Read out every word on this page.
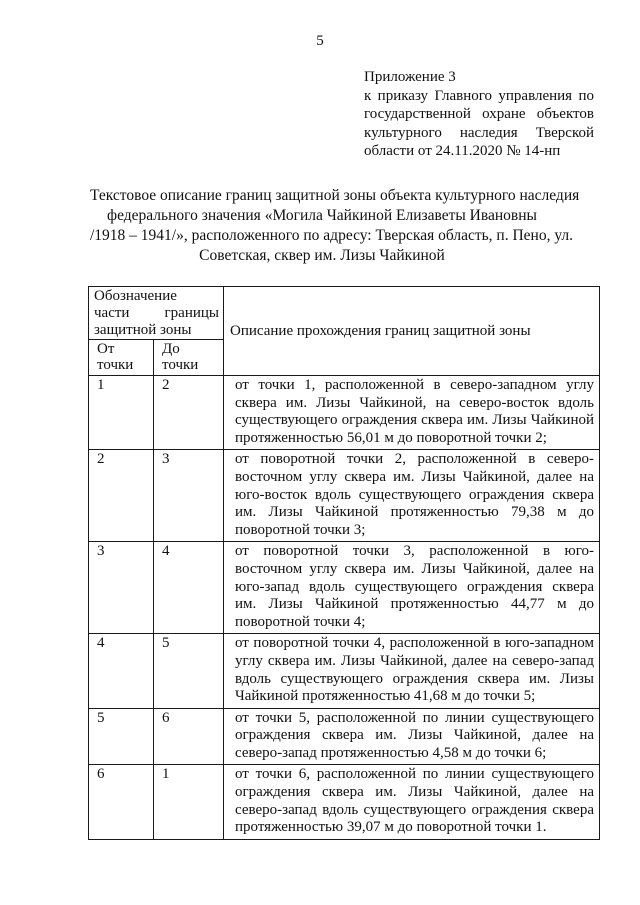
5
Приложение 3
к приказу Главного управления по
государственной охране объектов
культурного наследия Тверской
области от 24.11.2020 № 14-нп
Текстовое описание границ защитной зоны объекта культурного наследия
федерального значения «Могила Чайкиной Елизаветы Ивановны
/1918 – 1941/», расположенного по адресу: Тверская область, п. Пено, ул.
Советская, сквер им. Лизы Чайкиной
Обозначение
части границы
защитной зоны		Описание прохождения границ защитной зоны
От
точки	До
точки	
1	2	от точки 1, расположенной в северо-западном углу
сквера им. Лизы Чайкиной, на северо-восток вдоль
существующего ограждения сквера им. Лизы Чайкиной
протяженностью 56,01 м до поворотной точки 2;

2	3	от поворотной точки 2, расположенной в северо-
восточном углу сквера им. Лизы Чайкиной, далее на
юго-восток вдоль существующего ограждения сквера
им. Лизы Чайкиной протяженностью 79,38 м до
поворотной точки 3;

3	4	от поворотной точки 3, расположенной в юго-
восточном углу сквера им. Лизы Чайкиной, далее на
юго-запад вдоль существующего ограждения сквера
им. Лизы Чайкиной протяженностью 44,77 м до
поворотной точки 4;

4	5	от поворотной точки 4, расположенной в юго-западном
углу сквера им. Лизы Чайкиной, далее на северо-запад
вдоль существующего ограждения сквера им. Лизы
Чайкиной протяженностью 41,68 м до точки 5;

5	6	от точки 5, расположенной по линии существующего
ограждения сквера им. Лизы Чайкиной, далее на
северо-запад протяженностью 4,58 м до точки 6;

6	1	от точки 6, расположенной по линии существующего
ограждения сквера им. Лизы Чайкиной, далее на
северо-запад вдоль существующего ограждения сквера
протяженностью 39,07 м до поворотной точки 1.
